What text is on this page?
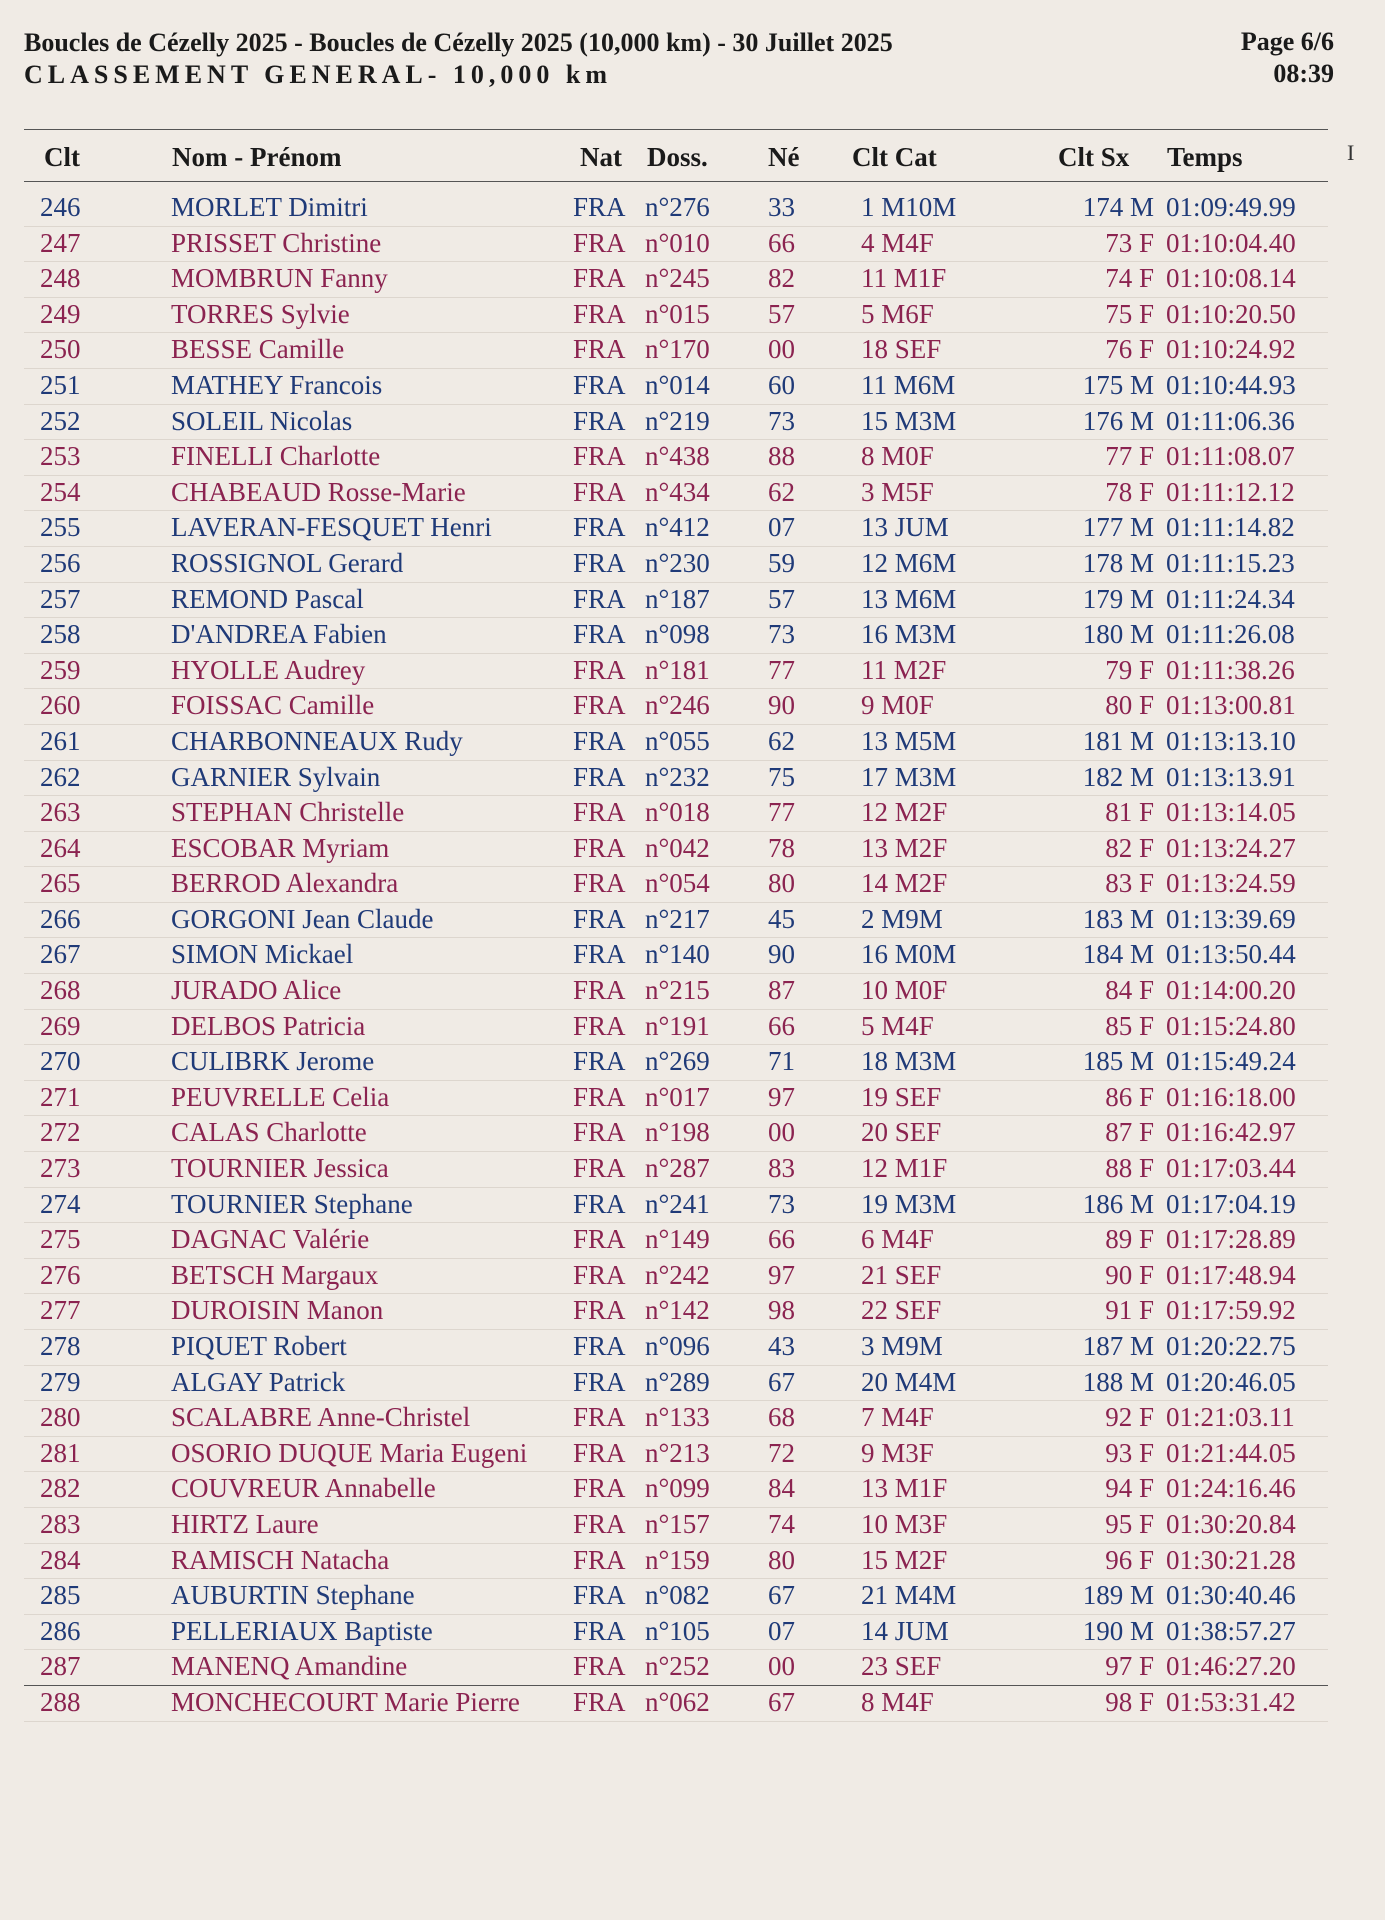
Boucles de Cézelly 2025 - Boucles de Cézelly 2025 (10,000 km) - 30 Juillet 2025
CLASSEMENT GENERAL- 10,000 km
Page 6/6
08:39
Clt	Nom - Prénom	Nat Doss. Né Clt Cat	Clt Sx Temps	I
246	MORLET Dimitri	FRA n°276 33 1 M10M	174 M 01:09:49.99
247	PRISSET Christine	FRA n°010 66 4 M4F	73 F 01:10:04.40
248	MOMBRUN Fanny	FRA n°245 82 11 M1F	74 F 01:10:08.14
249	TORRES Sylvie	FRA n°015 57 5 M6F	75 F 01:10:20.50
250	BESSE Camille	FRA n°170 00 18 SEF	76 F 01:10:24.92
251	MATHEY Francois	FRA n°014 60 11 M6M	175 M 01:10:44.93
252	SOLEIL Nicolas	FRA n°219 73 15 M3M	176 M 01:11:06.36
253	FINELLI Charlotte	FRA n°438 88 8 M0F	77 F 01:11:08.07
254	CHABEAUD Rosse-Marie	FRA n°434 62 3 M5F	78 F 01:11:12.12
255	LAVERAN-FESQUET Henri	FRA n°412 07 13 JUM	177 M 01:11:14.82
256	ROSSIGNOL Gerard	FRA n°230 59 12 M6M	178 M 01:11:15.23
257	REMOND Pascal	FRA n°187 57 13 M6M	179 M 01:11:24.34
258	D'ANDREA Fabien	FRA n°098 73 16 M3M	180 M 01:11:26.08
259	HYOLLE Audrey	FRA n°181 77 11 M2F	79 F 01:11:38.26
260	FOISSAC Camille	FRA n°246 90 9 M0F	80 F 01:13:00.81
261	CHARBONNEAUX Rudy	FRA n°055 62 13 M5M	181 M 01:13:13.10
262	GARNIER Sylvain	FRA n°232 75 17 M3M	182 M 01:13:13.91
263	STEPHAN Christelle	FRA n°018 77 12 M2F	81 F 01:13:14.05
264	ESCOBAR Myriam	FRA n°042 78 13 M2F	82 F 01:13:24.27
265	BERROD Alexandra	FRA n°054 80 14 M2F	83 F 01:13:24.59
266	GORGONI Jean Claude	FRA n°217 45 2 M9M	183 M 01:13:39.69
267	SIMON Mickael	FRA n°140 90 16 M0M	184 M 01:13:50.44
268	JURADO Alice	FRA n°215 87 10 M0F	84 F 01:14:00.20
269	DELBOS Patricia	FRA n°191 66 5 M4F	85 F 01:15:24.80
270	CULIBRK Jerome	FRA n°269 71 18 M3M	185 M 01:15:49.24
271	PEUVRELLE Celia	FRA n°017 97 19 SEF	86 F 01:16:18.00
272	CALAS Charlotte	FRA n°198 00 20 SEF	87 F 01:16:42.97
273	TOURNIER Jessica	FRA n°287 83 12 M1F	88 F 01:17:03.44
274	TOURNIER Stephane	FRA n°241 73 19 M3M	186 M 01:17:04.19
275	DAGNAC Valérie	FRA n°149 66 6 M4F	89 F 01:17:28.89
276	BETSCH Margaux	FRA n°242 97 21 SEF	90 F 01:17:48.94
277	DUROISIN Manon	FRA n°142 98 22 SEF	91 F 01:17:59.92
278	PIQUET Robert	FRA n°096 43 3 M9M	187 M 01:20:22.75
279	ALGAY Patrick	FRA n°289 67 20 M4M	188 M 01:20:46.05
280	SCALABRE Anne-Christel	FRA n°133 68 7 M4F	92 F 01:21:03.11
281	OSORIO DUQUE Maria Eugeni	FRA n°213 72 9 M3F	93 F 01:21:44.05
282	COUVREUR Annabelle	FRA n°099 84 13 M1F	94 F 01:24:16.46
283	HIRTZ Laure	FRA n°157 74 10 M3F	95 F 01:30:20.84
284	RAMISCH Natacha	FRA n°159 80 15 M2F	96 F 01:30:21.28
285	AUBURTIN Stephane	FRA n°082 67 21 M4M	189 M 01:30:40.46
286	PELLERIAUX Baptiste	FRA n°105 07 14 JUM	190 M 01:38:57.27
287	MANENQ Amandine	FRA n°252 00 23 SEF	97 F 01:46:27.20
288	MONCHECOURT Marie Pierre	FRA n°062 67 8 M4F	98 F 01:53:31.42
